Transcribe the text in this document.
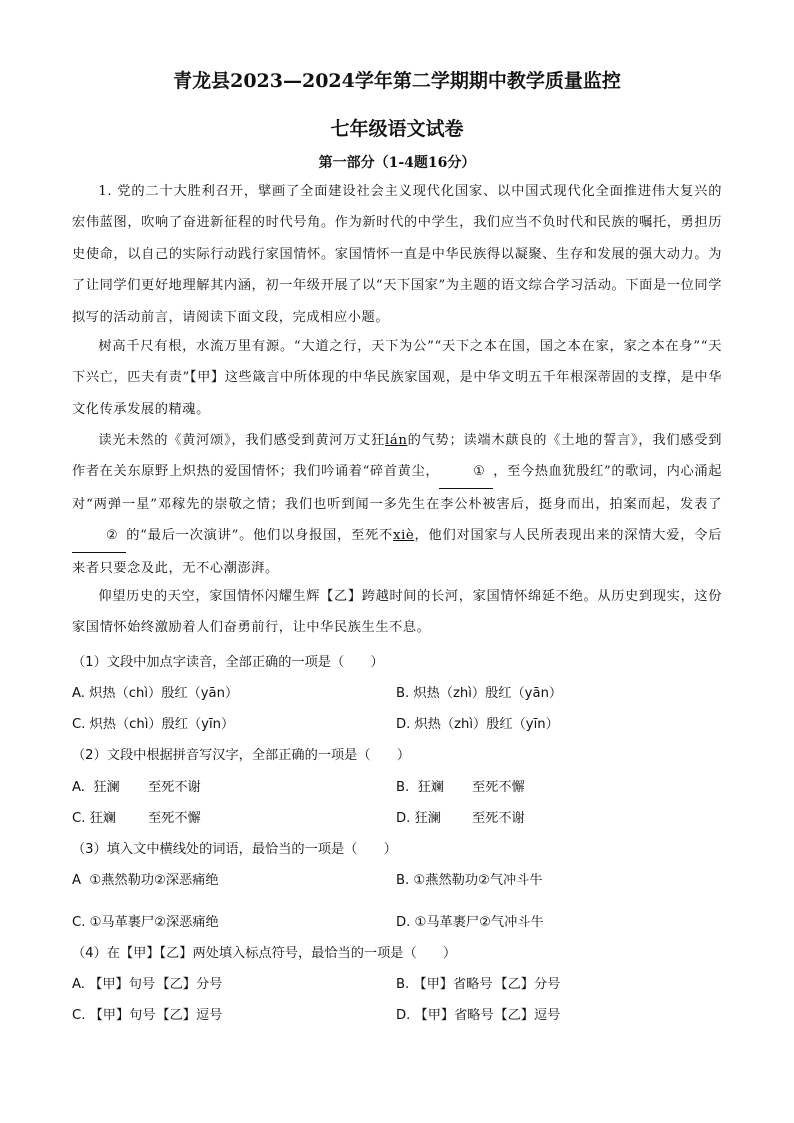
青龙县2023—2024学年第二学期期中教学质量监控
七年级语文试卷
第一部分（1-4题16分）
1. 党的二十大胜利召开，擘画了全面建设社会主义现代化国家、以中国式现代化全面推进伟大复兴的宏伟蓝图，吹响了奋进新征程的时代号角。作为新时代的中学生，我们应当不负时代和民族的嘱托，勇担历史使命，以自己的实际行动践行家国情怀。家国情怀一直是中华民族得以凝聚、生存和发展的强大动力。为了让同学们更好地理解其内涵，初一年级开展了以“天下国家”为主题的语文综合学习活动。下面是一位同学拟写的活动前言，请阅读下面文段，完成相应小题。
树高千尺有根，水流万里有源。“大道之行，天下为公”“天下之本在国，国之本在家，家之本在身”“天下兴亡，匹夫有责”【甲】这些箴言中所体现的中华民族家国观，是中华文明五千年根深蒂固的支撑，是中华文化传承发展的精魂。
读光未然的《黄河颂》，我们感受到黄河万丈狂lán的气势；读端木蕻良的《土地的誓言》，我们感受到作者在关东原野上炽热的爱国情怀；我们吟诵着“碎首黄尘，	① ，至今热血犹殷红”的歌词，内心涌起对“两弹一星”邓稼先的崇敬之情；我们也听到闻一多先生在李公朴被害后，挺身而出，拍案而起，发表了② 的“最后一次演讲”。他们以身报国，至死不xiè，他们对国家与人民所表现出来的深情大爱，令后来者只要念及此，无不心潮澎湃。
仰望历史的天空，家国情怀闪耀生辉【乙】跨越时间的长河，家国情怀绵延不绝。从历史到现实，这份家国情怀始终激励着人们奋勇前行，让中华民族生生不息。
（1）文段中加点字读音，全部正确的一项是（　　）
A. 炽热（chì）殷红（yān）	B. 炽热（zhì）殷红（yān）
C. 炽热（chì）殷红（yīn）	D. 炽热（zhì）殷红（yīn）
（2）文段中根据拼音写汉字，全部正确的一项是（　　）
A.  狂澜 至死不谢	B.  狂斓 至死不懈
C. 狂斓 至死不懈	D. 狂澜 至死不谢
（3）填入文中横线处的词语，最恰当的一项是（　　）
A  ①燕然勒功②深恶痛绝	B. ①燕然勒功②气冲斗牛
C. ①马革裹尸②深恶痛绝	D. ①马革裹尸②气冲斗牛
（4）在【甲】【乙】两处填入标点符号，最恰当的一项是（　　）
A. 【甲】句号  【乙】分号	B. 【甲】省略号 【乙】分号
C. 【甲】句号  【乙】逗号	D. 【甲】省略号  【乙】逗号
